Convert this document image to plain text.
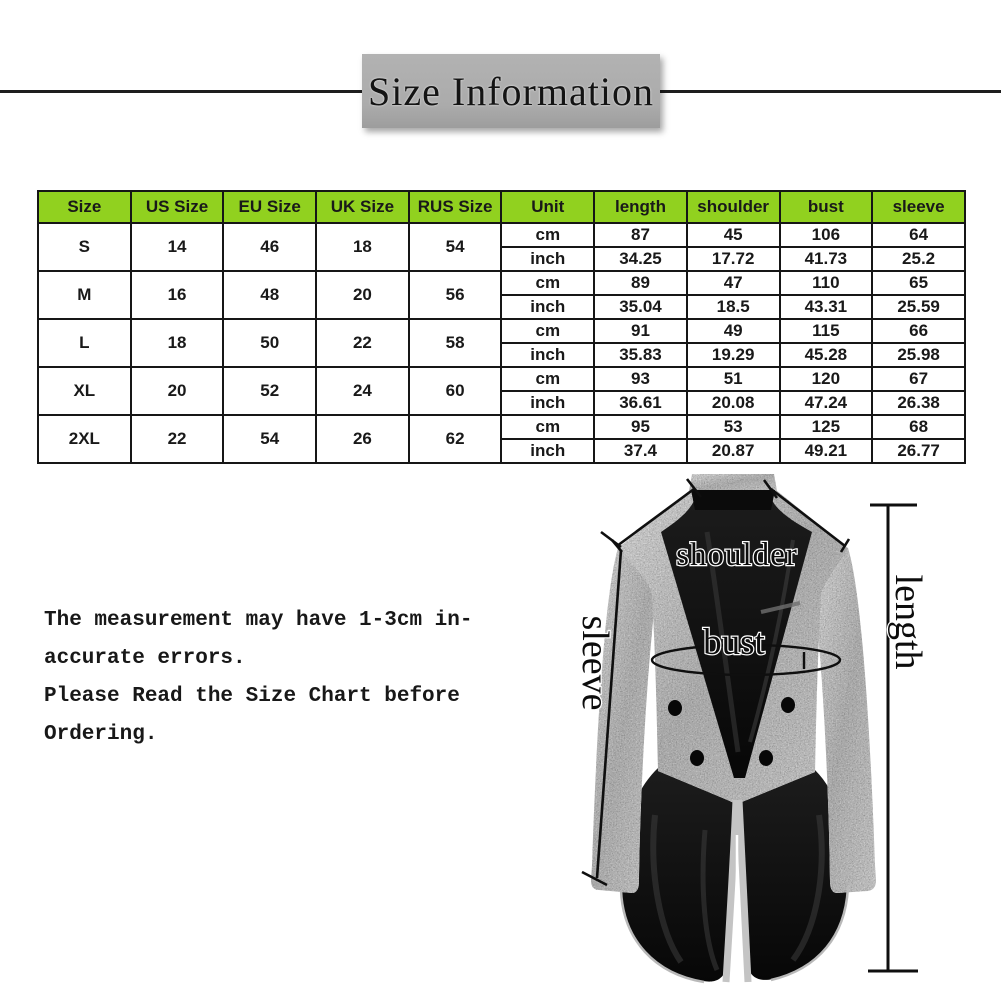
Size Information
Size	US Size	EU Size	UK Size	RUS Size	Unit	length	shoulder	bust	sleeve
S	14	46	18	54	cm	87	45	106	64
					inch	34.25	17.72	41.73	25.2
M	16	48	20	56	cm	89	47	110	65
					inch	35.04	18.5	43.31	25.59
L	18	50	22	58	cm	91	49	115	66
					inch	35.83	19.29	45.28	25.98
XL	20	52	24	60	cm	93	51	120	67
					inch	36.61	20.08	47.24	26.38
2XL	22	54	26	62	cm	95	53	125	68
					inch	37.4	20.87	49.21	26.77
The measurement may have 1-3cm in-
accurate errors.
Please Read the Size Chart before
Ordering.
shoulder
bust
sleeve	length
